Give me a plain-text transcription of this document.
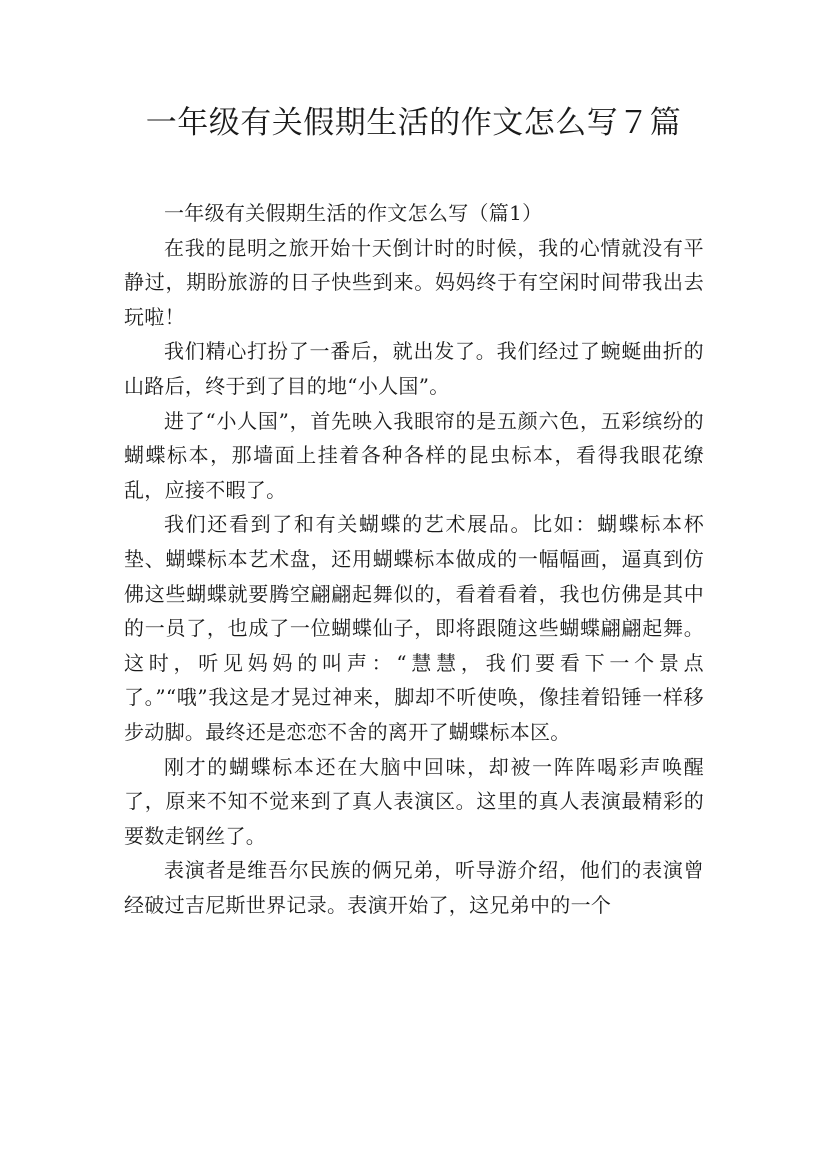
一年级有关假期生活的作文怎么写７篇

一年级有关假期生活的作文怎么写（篇1）

在我的昆明之旅开始十天倒计时的时候，我的心情就没有平静过，期盼旅游的日子快些到来。妈妈终于有空闲时间带我出去玩啦！

我们精心打扮了一番后，就出发了。我们经过了蜿蜒曲折的山路后，终于到了目的地“小人国”。

进了“小人国”，首先映入我眼帘的是五颜六色，五彩缤纷的蝴蝶标本，那墙面上挂着各种各样的昆虫标本，看得我眼花缭乱，应接不暇了。

我们还看到了和有关蝴蝶的艺术展品。比如：蝴蝶标本杯垫、蝴蝶标本艺术盘，还用蝴蝶标本做成的一幅幅画，逼真到仿佛这些蝴蝶就要腾空翩翩起舞似的，看着看着，我也仿佛是其中的一员了，也成了一位蝴蝶仙子，即将跟随这些蝴蝶翩翩起舞。这时，听见妈妈的叫声：“慧慧，我们要看下一个景点了。”“哦”我这是才晃过神来，脚却不听使唤，像挂着铅锤一样移步动脚。最终还是恋恋不舍的离开了蝴蝶标本区。

刚才的蝴蝶标本还在大脑中回味，却被一阵阵喝彩声唤醒了，原来不知不觉来到了真人表演区。这里的真人表演最精彩的要数走钢丝了。

表演者是维吾尔民族的俩兄弟，听导游介绍，他们的表演曾经破过吉尼斯世界记录。表演开始了，这兄弟中的一个
